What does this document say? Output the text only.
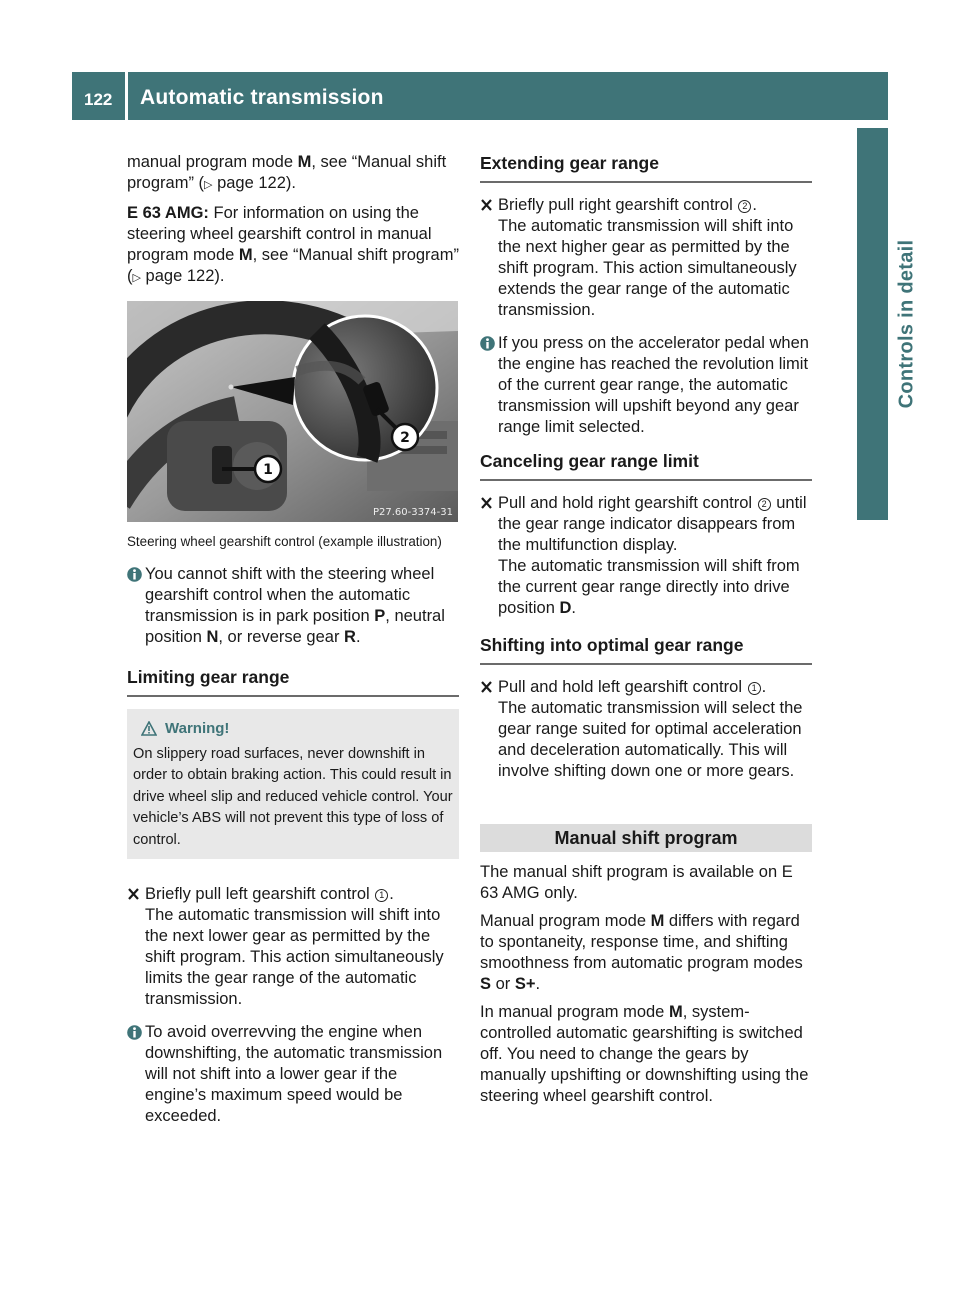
122	Automatic transmission
Controls in detail

manual program mode M, see “Manual shift program” (▷ page 122).

E 63 AMG: For information on using the steering wheel gearshift control in manual program mode M, see “Manual shift program” (▷ page 122).

2
1
P27.60-3374-31

Steering wheel gearshift control (example illustration)

You cannot shift with the steering wheel gearshift control when the automatic transmission is in park position P, neutral position N, or reverse gear R.

Limiting gear range
Warning!

On slippery road surfaces, never downshift in order to obtain braking action. This could result in drive wheel slip and reduced vehicle control. Your vehicle’s ABS will not prevent this type of loss of control.

Briefly pull left gearshift control 1 .

The automatic transmission will shift into the next lower gear as permitted by the shift program. This action simultaneously limits the gear range of the automatic transmission.

To avoid overrevving the engine when downshifting, the automatic transmission will not shift into a lower gear if the engine’s maximum speed would be exceeded.

Extending gear range

Briefly pull right gearshift control 2 .

The automatic transmission will shift into the next higher gear as permitted by the shift program. This action simultaneously extends the gear range of the automatic transmission.

If you press on the accelerator pedal when the engine has reached the revolution limit of the current gear range, the automatic transmission will upshift beyond any gear range limit selected.

Canceling gear range limit

Pull and hold right gearshift control 2 until the gear range indicator disappears from the multifunction display.

The automatic transmission will shift from the current gear range directly into drive position D.

Shifting into optimal gear range

Pull and hold left gearshift control 1 .

The automatic transmission will select the gear range suited for optimal acceleration and deceleration automatically. This will involve shifting down one or more gears.

Manual shift program

The manual shift program is available on E 63 AMG only.

Manual program mode M differs with regard to spontaneity, response time, and shifting smoothness from automatic program modes S or S+.

In manual program mode M, system-controlled automatic gearshifting is switched off. You need to change the gears by manually upshifting or downshifting using the steering wheel gearshift control.
